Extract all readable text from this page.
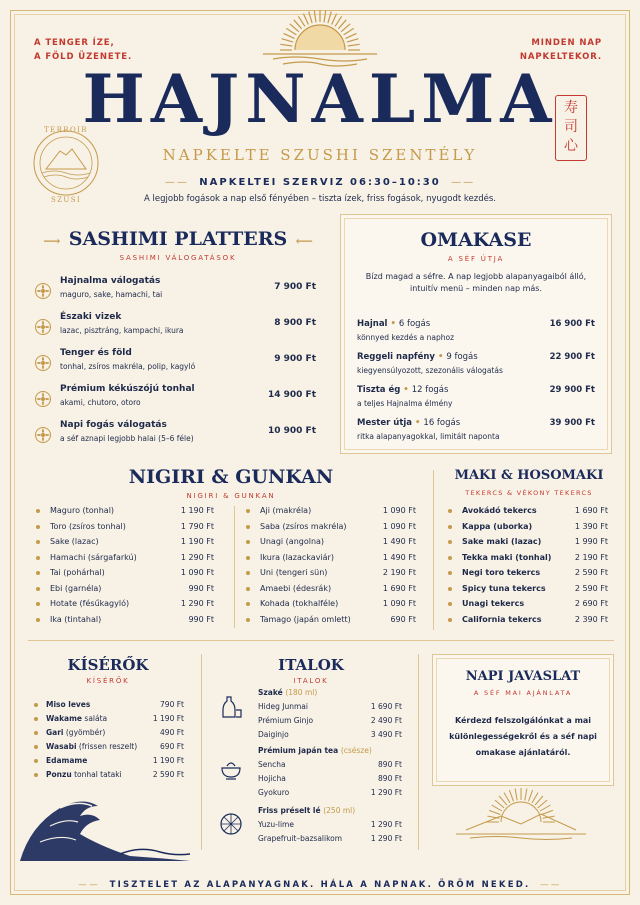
A TENGER ÍZE,
A FÖLD ÜZENETE.
MINDEN NAP
NAPKELTEKOR.
HAJNALMA
NAPKELTE SZUSHI SZENTÉLY
TERROIR
SZUSI
寿
司
心
——  NAPKELTEI SZERVIZ 06:30–10:30  ——
A legjobb fogások a nap első fényében – tiszta ízek, friss fogások, nyugodt kezdés.
⟶  SASHIMI PLATTERS  ⟵
SASHIMI VÁLOGATÁSOK
Hajnalma válogatás
maguro, sake, hamachi, tai
7 900 Ft
Északi vizek
lazac, pisztráng, kampachi, ikura
8 900 Ft
Tenger és föld
tonhal, zsíros makréla, polip, kagyló
9 900 Ft
Prémium kékúszójú tonhal
akami, chutoro, otoro
14 900 Ft
Napi fogás válogatás
a séf aznapi legjobb halai (5–6 féle)
10 900 Ft
OMAKASE
A SÉF ÚTJA
Bízd magad a séfre. A nap legjobb alapanyagaiból álló, intuitív menü – minden nap más.
Hajnal • 6 fogás
könnyed kezdés a naphoz
16 900 Ft
Reggeli napfény • 9 fogás
kiegyensúlyozott, szezonális válogatás
22 900 Ft
Tiszta ég • 12 fogás
a teljes Hajnalma élmény
29 900 Ft
Mester útja • 16 fogás
ritka alapanyagokkal, limitált naponta
39 900 Ft
NIGIRI & GUNKAN
NIGIRI & GUNKAN
Maguro (tonhal)	1 190 Ft
Toro (zsíros tonhal)	1 790 Ft
Sake (lazac)	1 190 Ft
Hamachi (sárgafarkú)	1 290 Ft
Tai (pohárhal)	1 090 Ft
Ebi (garnéla)	990 Ft
Hotate (fésűkagyló)	1 290 Ft
Ika (tintahal)	990 Ft
Aji (makréla)	1 090 Ft
Saba (zsíros makréla)	1 090 Ft
Unagi (angolna)	1 490 Ft
Ikura (lazackaviár)	1 490 Ft
Uni (tengeri sün)	2 190 Ft
Amaebi (édesrák)	1 690 Ft
Kohada (tokhalféle)	1 090 Ft
Tamago (japán omlett)	690 Ft
MAKI & HOSOMAKI
TEKERCS & VÉKONY TEKERCS
Avokádó tekercs	1 690 Ft
Kappa (uborka)	1 390 Ft
Sake maki (lazac)	1 990 Ft
Tekka maki (tonhal)	2 190 Ft
Negi toro tekercs	2 590 Ft
Spicy tuna tekercs	2 590 Ft
Unagi tekercs	2 690 Ft
California tekercs	2 390 Ft
KÍSÉRŐK
KÍSÉRŐK
Miso leves	790 Ft
Wakame saláta	1 190 Ft
Gari (gyömbér)	490 Ft
Wasabi (frissen reszelt)	690 Ft
Edamame	1 190 Ft
Ponzu tonhal tataki	2 590 Ft
ITALOK
ITALOK
Szaké (180 ml)
Hideg Junmai	1 690 Ft
Prémium Ginjo	2 490 Ft
Daiginjo	3 490 Ft
Prémium japán tea (csésze)
Sencha	890 Ft
Hojicha	890 Ft
Gyokuro	1 290 Ft
Friss préselt lé (250 ml)
Yuzu-lime	1 290 Ft
Grapefruit–bazsalikom	1 290 Ft
NAPI JAVASLAT
A SÉF MAI AJÁNLATA
Kérdezd felszolgálónkat a mai különlegességekről és a séf napi omakase ajánlatáról.
——  TISZTELET AZ ALAPANYAGNAK. HÁLA A NAPNAK. ÖRÖM NEKED.  ——
